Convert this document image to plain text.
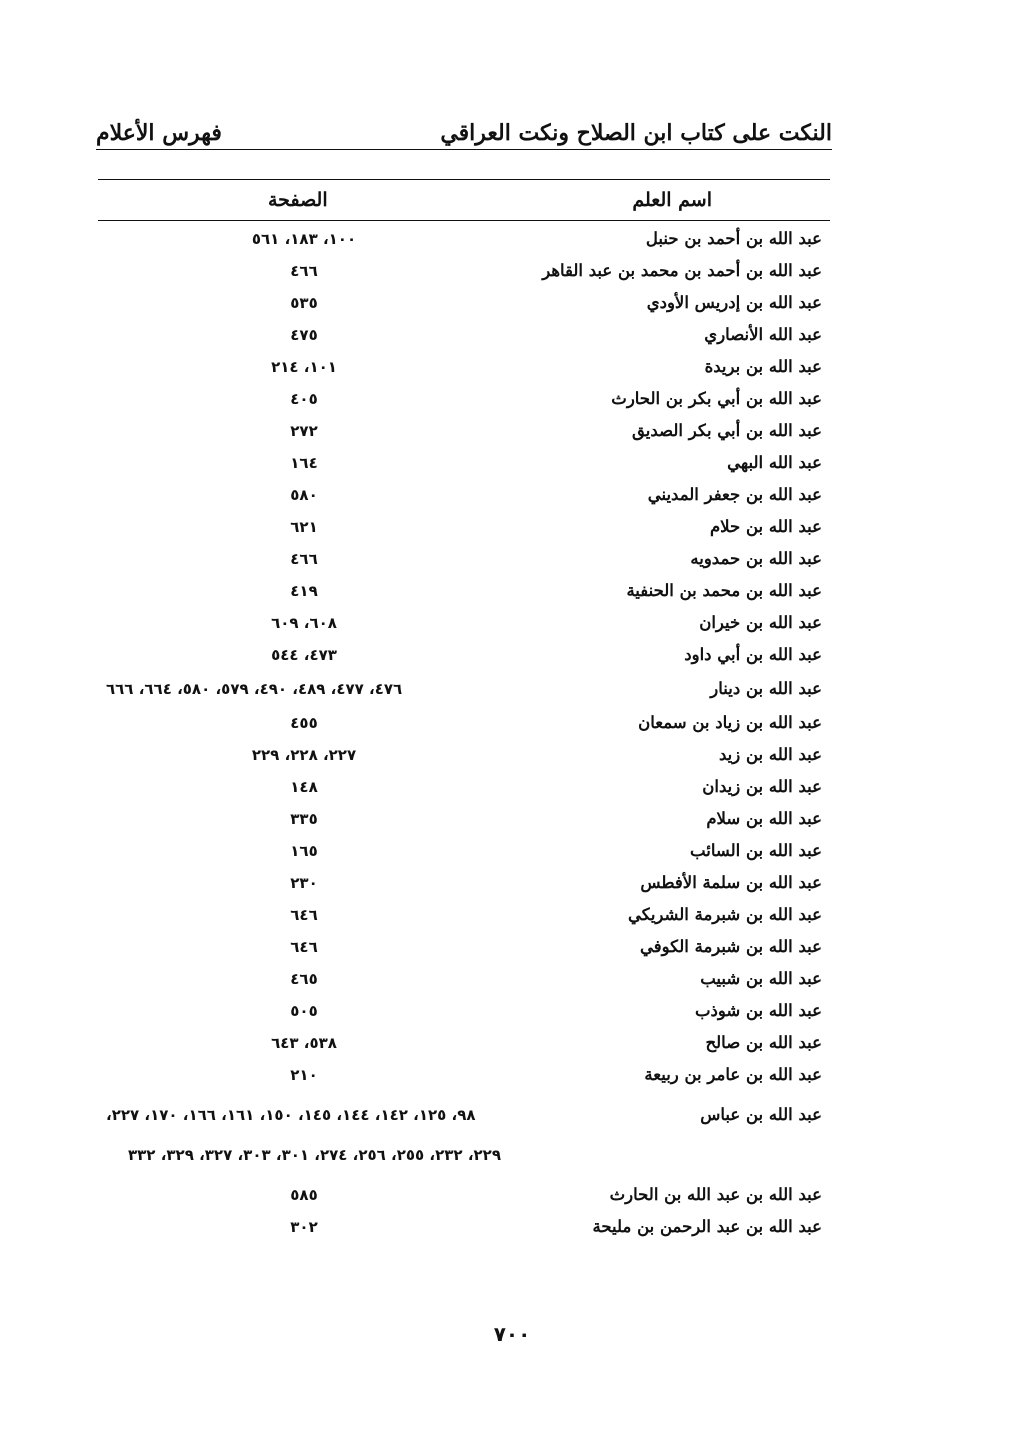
النكت على كتاب ابن الصلاح ونكت العراقي
فهرس الأعلام
اسم العلم
الصفحة
عبد الله بن أحمد بن حنبل
١٠٠، ١٨٣، ٥٦١
عبد الله بن أحمد بن محمد بن عبد القاهر
٤٦٦
عبد الله بن إدريس الأودي
٥٣٥
عبد الله الأنصاري
٤٧٥
عبد الله بن بريدة
١٠١، ٢١٤
عبد الله بن أبي بكر بن الحارث
٤٠٥
عبد الله بن أبي بكر الصديق
٢٧٢
عبد الله البهي
١٦٤
عبد الله بن جعفر المديني
٥٨٠
عبد الله بن حلام
٦٢١
عبد الله بن حمدويه
٤٦٦
عبد الله بن محمد بن الحنفية
٤١٩
عبد الله بن خيران
٦٠٨، ٦٠٩
عبد الله بن أبي داود
٤٧٣، ٥٤٤
عبد الله بن دينار
٤٧٦، ٤٧٧، ٤٨٩، ٤٩٠، ٥٧٩، ٥٨٠، ٦٦٤، ٦٦٦
عبد الله بن زياد بن سمعان
٤٥٥
عبد الله بن زيد
٢٢٧، ٢٢٨، ٢٢٩
عبد الله بن زيدان
١٤٨
عبد الله بن سلام
٣٣٥
عبد الله بن السائب
١٦٥
عبد الله بن سلمة الأفطس
٢٣٠
عبد الله بن شبرمة الشريكي
٦٤٦
عبد الله بن شبرمة الكوفي
٦٤٦
عبد الله بن شبيب
٤٦٥
عبد الله بن شوذب
٥٠٥
عبد الله بن صالح
٥٣٨، ٦٤٣
عبد الله بن عامر بن ربيعة
٢١٠
عبد الله بن عباس
٩٨، ١٢٥، ١٤٢، ١٤٤، ١٤٥، ١٥٠، ١٦١، ١٦٦، ١٧٠، ٢٢٧،
٢٢٩، ٢٣٢، ٢٥٥، ٢٥٦، ٢٧٤، ٣٠١، ٣٠٣، ٣٢٧، ٣٢٩، ٣٣٢
عبد الله بن عبد الله بن الحارث
٥٨٥
عبد الله بن عبد الرحمن بن مليحة
٣٠٢
٧٠٠
